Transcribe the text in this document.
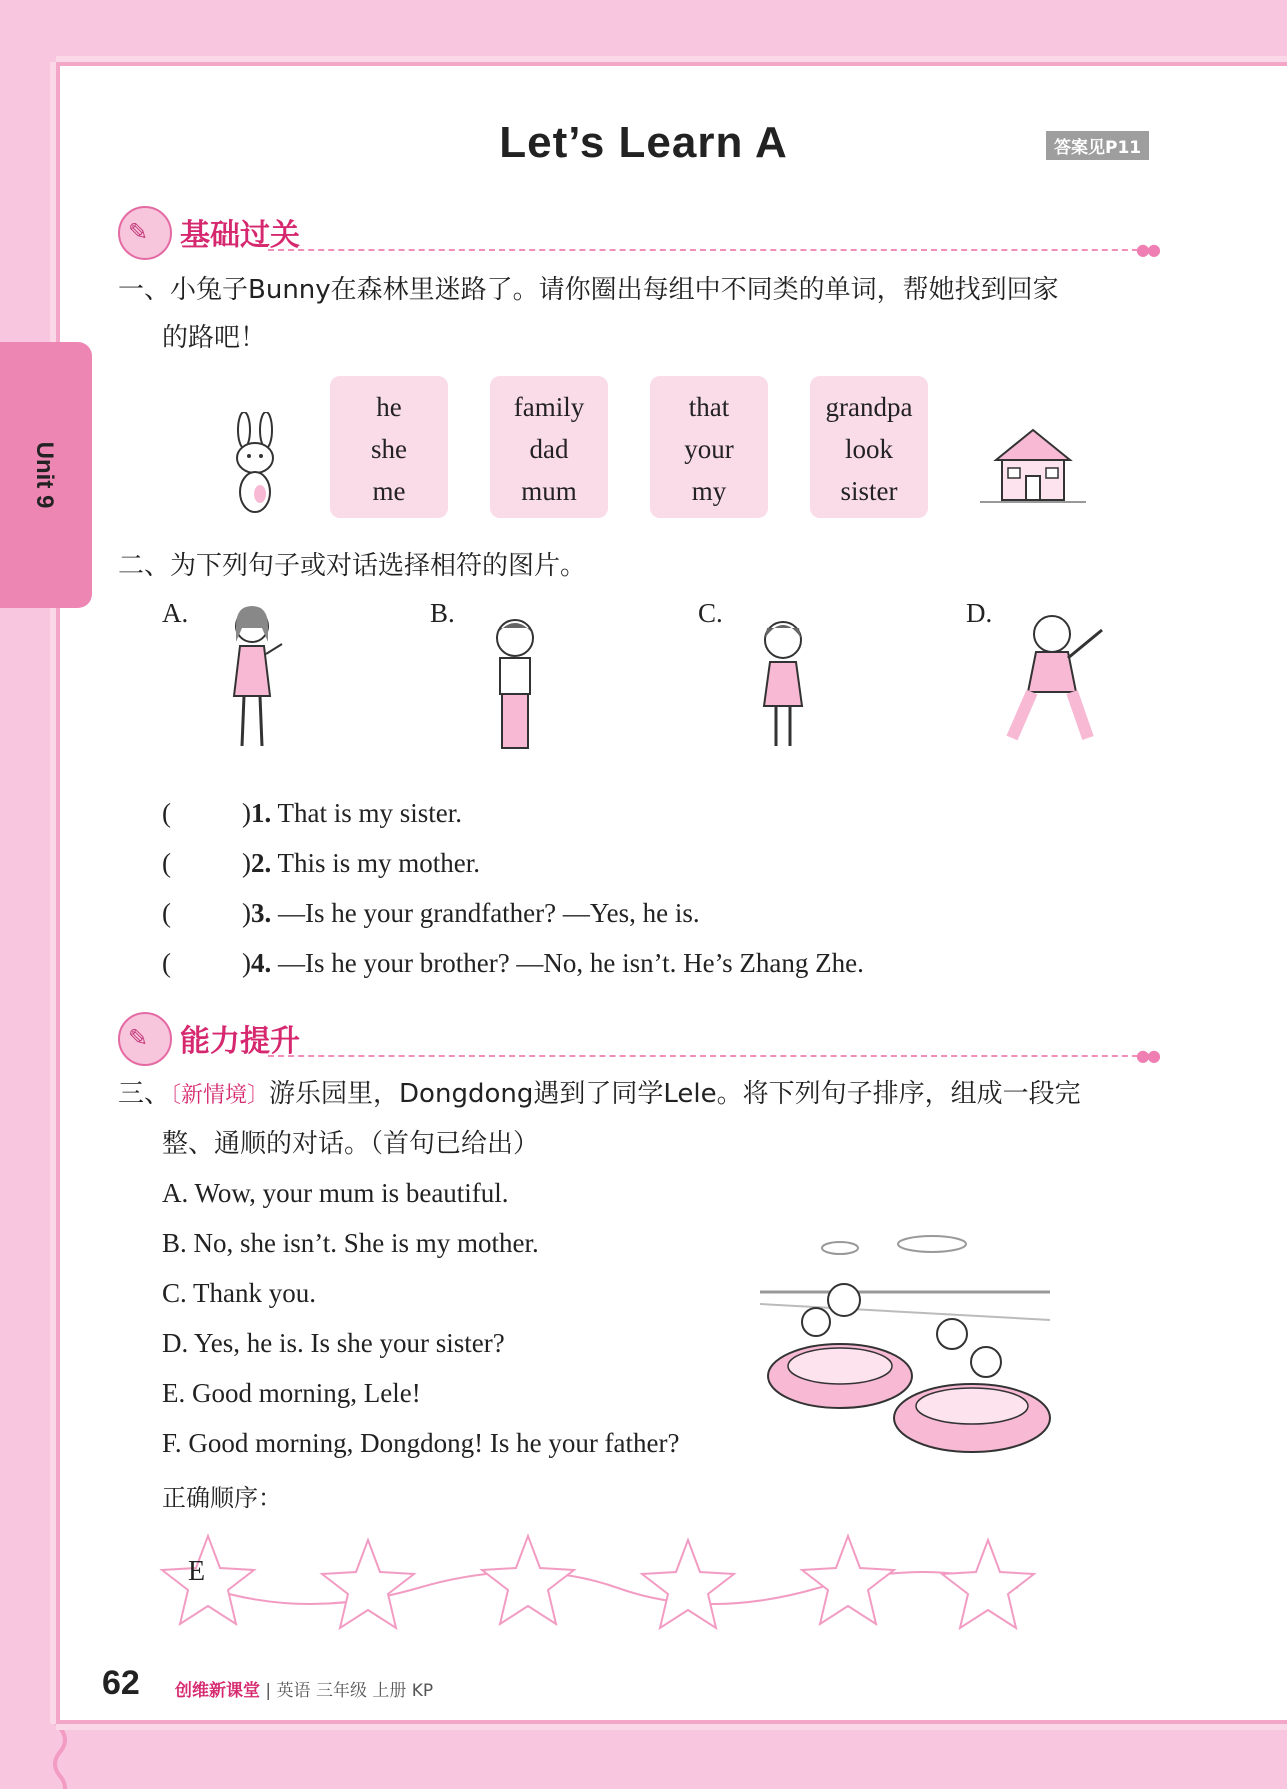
Unit 9
Let’s Learn A	答案见P11
✎ 基础过关	●●
一、小兔子Bunny在森林里迷路了。请你圈出每组中不同类的单词，帮她找到回家
的路吧！
he
she
me
family
dad
mum
that
your
my
grandpa
look
sister
二、为下列句子或对话选择相符的图片。
A.	B.	C.	D.
(	)1. That is my sister.
(	)2. This is my mother.
(	)3. —Is he your grandfather? —Yes, he is.
(	)4. —Is he your brother? —No, he isn’t. He’s Zhang Zhe.
✎ 能力提升	●●
三、〔新情境〕游乐园里，Dongdong遇到了同学Lele。将下列句子排序，组成一段完
整、通顺的对话。（首句已给出）
A. Wow, your mum is beautiful.
B. No, she isn’t. She is my mother.
C. Thank you.
D. Yes, he is. Is she your sister?
E. Good morning, Lele!
F. Good morning, Dongdong! Is he your father?
正确顺序：
E
62 创维新课堂 | 英语 三年级 上册 KP
